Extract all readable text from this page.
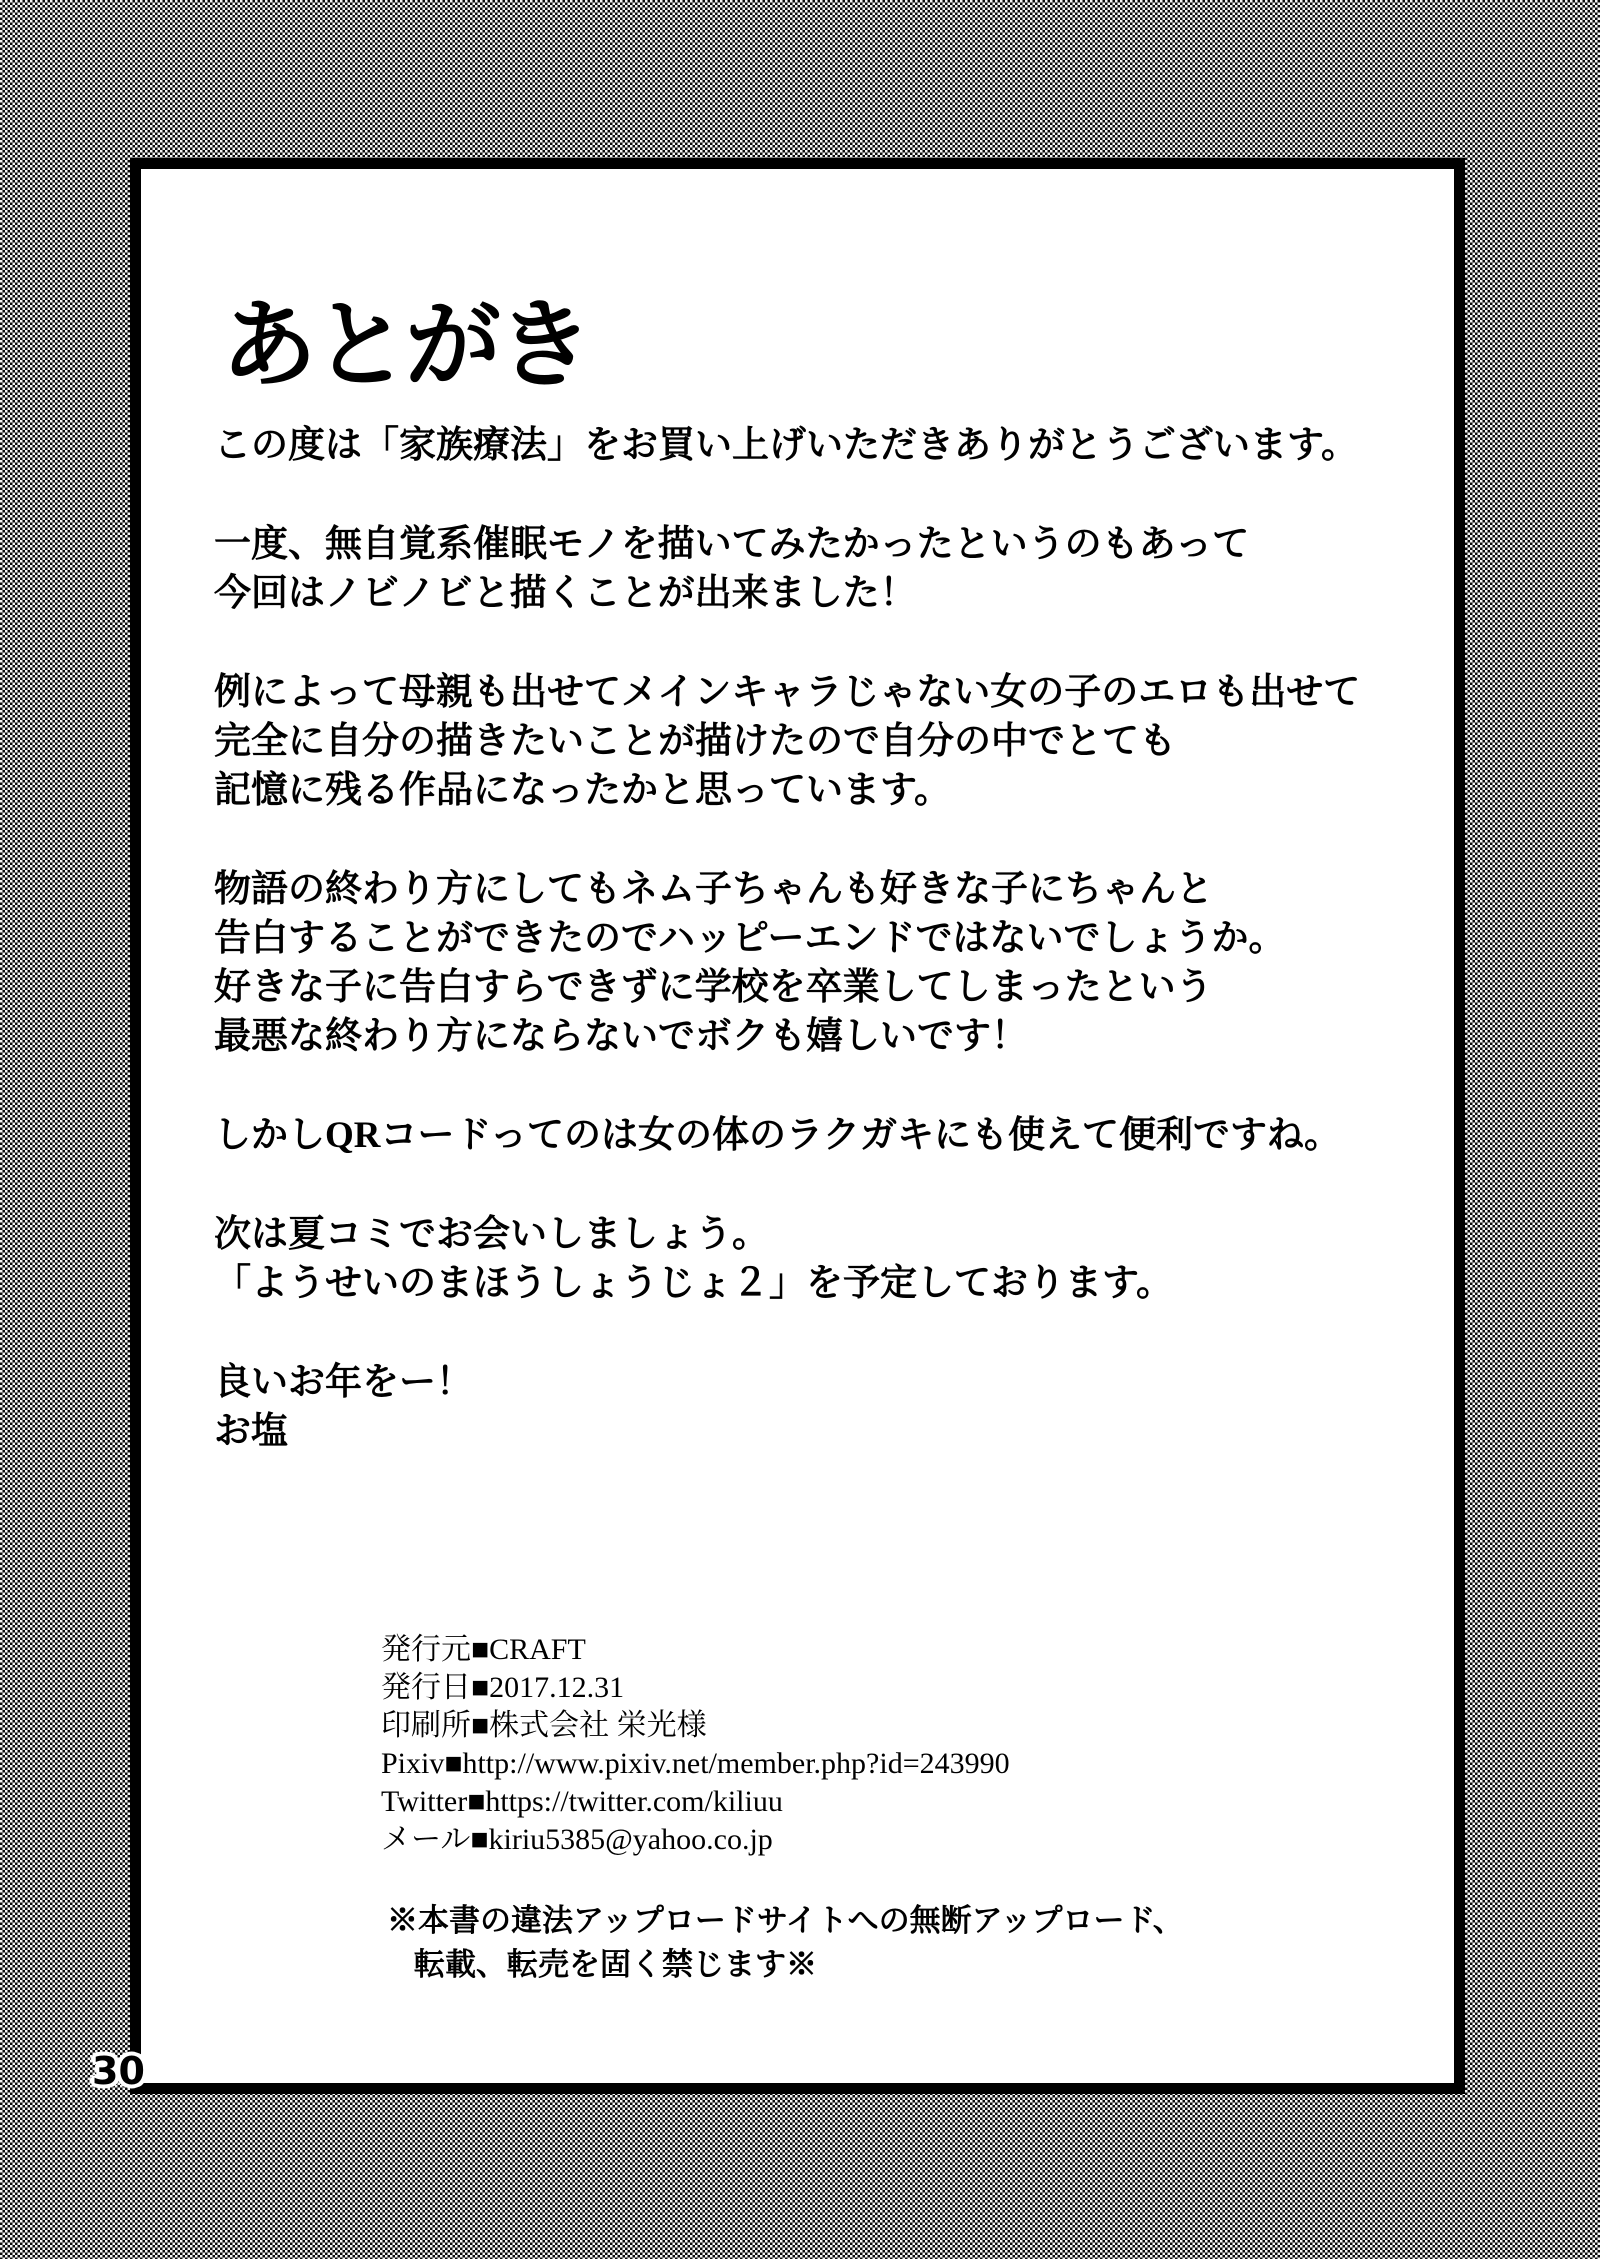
あとがき

この度は「家族療法」をお買い上げいただきありがとうございます。

一度、無自覚系催眠モノを描いてみたかったというのもあって
今回はノビノビと描くことが出来ました！

例によって母親も出せてメインキャラじゃない女の子のエロも出せて
完全に自分の描きたいことが描けたので自分の中でとても
記憶に残る作品になったかと思っています。

物語の終わり方にしてもネム子ちゃんも好きな子にちゃんと
告白することができたのでハッピーエンドではないでしょうか。
好きな子に告白すらできずに学校を卒業してしまったという
最悪な終わり方にならないでボクも嬉しいです！

しかしQRコードってのは女の体のラクガキにも使えて便利ですね。

次は夏コミでお会いしましょう。
「ようせいのまほうしょうじょ２」を予定しております。

良いお年をー！
お塩

発行元■CRAFT
発行日■2017.12.31
印刷所■株式会社 栄光様
Pixiv■http://www.pixiv.net/member.php?id=243990
Twitter■https://twitter.com/kiliuu
メール■kiriu5385@yahoo.co.jp
※本書の違法アップロードサイトへの無断アップロード、
転載、転売を固く禁じます※
30
